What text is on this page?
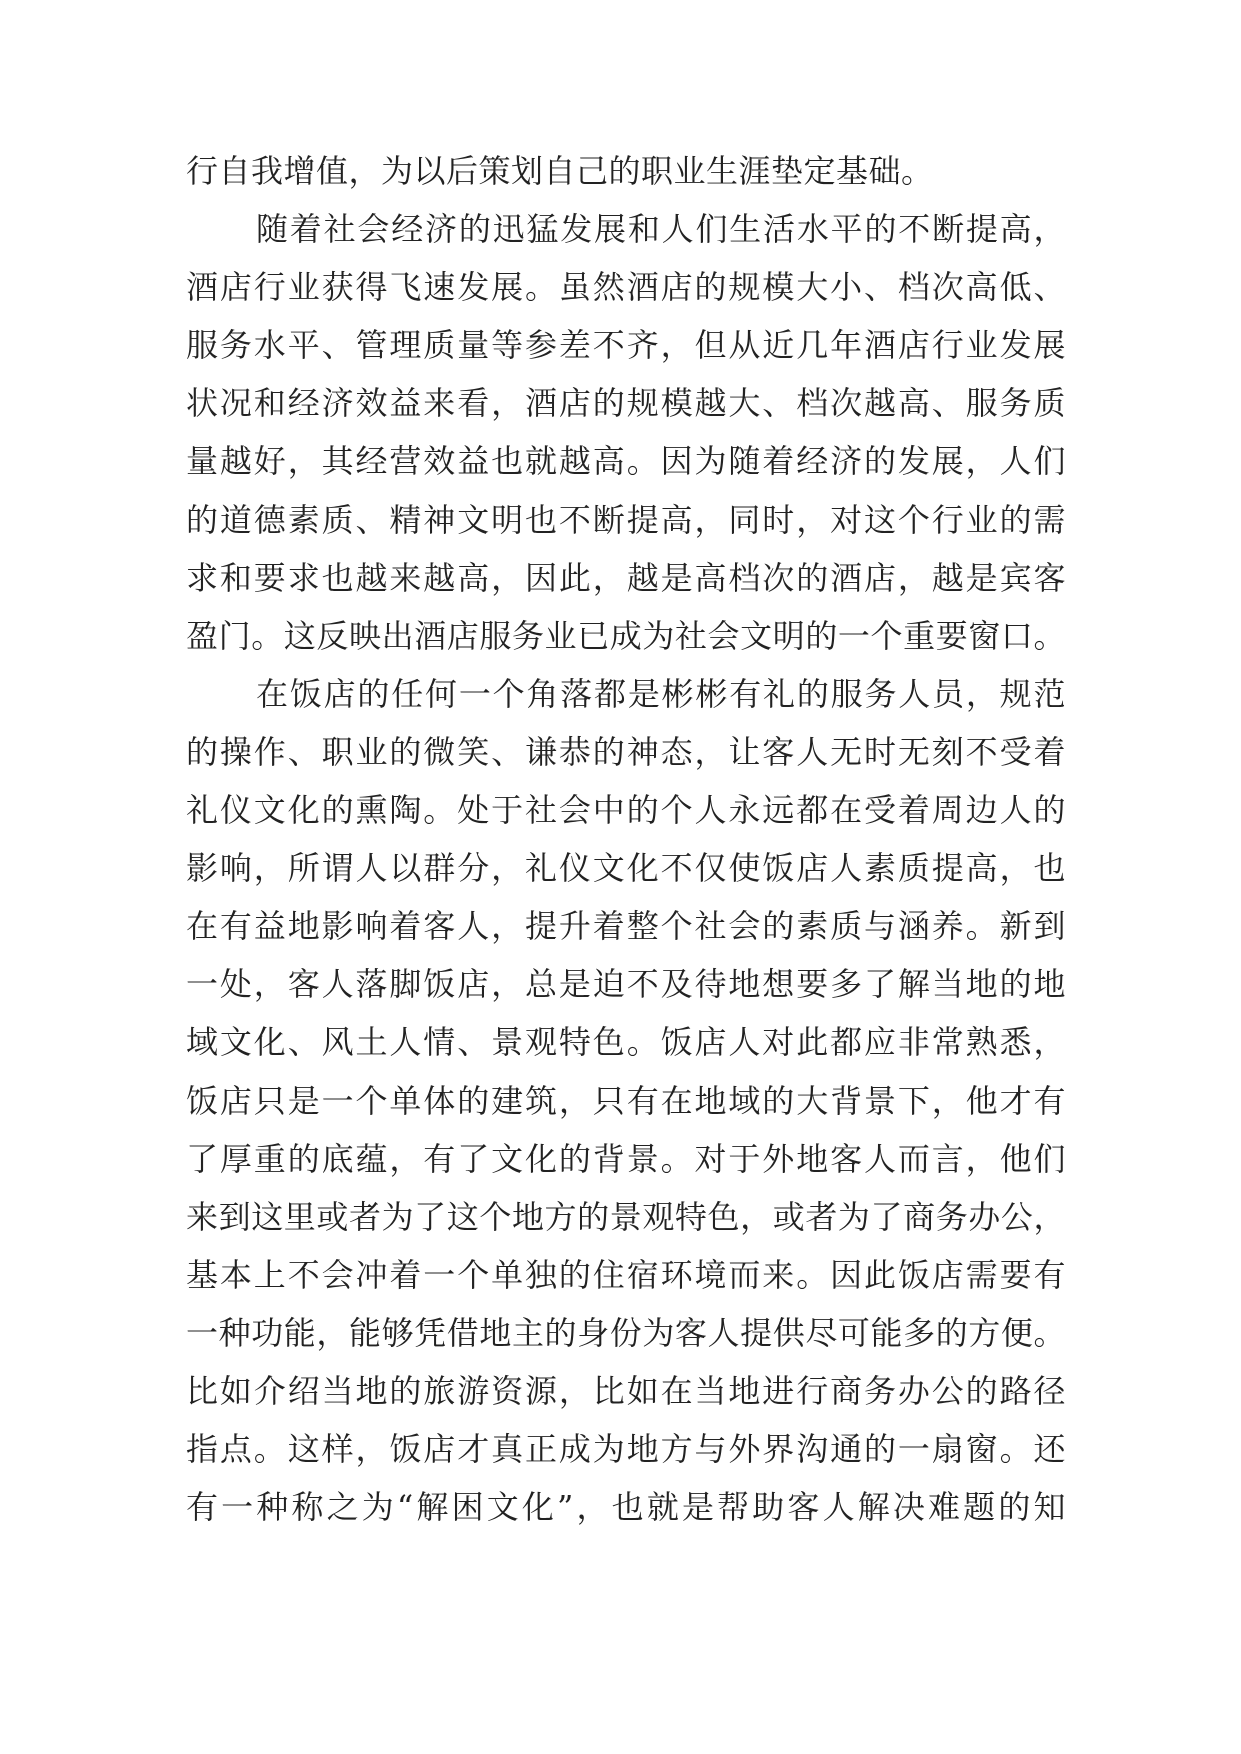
行自我增值，为以后策划自己的职业生涯垫定基础。
随着社会经济的迅猛发展和人们生活水平的不断提高，
酒店行业获得飞速发展。虽然酒店的规模大小、档次高低、
服务水平、管理质量等参差不齐，但从近几年酒店行业发展
状况和经济效益来看，酒店的规模越大、档次越高、服务质
量越好，其经营效益也就越高。因为随着经济的发展，人们
的道德素质、精神文明也不断提高，同时，对这个行业的需
求和要求也越来越高，因此，越是高档次的酒店，越是宾客
盈门。这反映出酒店服务业已成为社会文明的一个重要窗口。
在饭店的任何一个角落都是彬彬有礼的服务人员，规范
的操作、职业的微笑、谦恭的神态，让客人无时无刻不受着
礼仪文化的熏陶。处于社会中的个人永远都在受着周边人的
影响，所谓人以群分，礼仪文化不仅使饭店人素质提高，也
在有益地影响着客人，提升着整个社会的素质与涵养。新到
一处，客人落脚饭店，总是迫不及待地想要多了解当地的地
域文化、风土人情、景观特色。饭店人对此都应非常熟悉，
饭店只是一个单体的建筑，只有在地域的大背景下，他才有
了厚重的底蕴，有了文化的背景。对于外地客人而言，他们
来到这里或者为了这个地方的景观特色，或者为了商务办公，
基本上不会冲着一个单独的住宿环境而来。因此饭店需要有
一种功能，能够凭借地主的身份为客人提供尽可能多的方便。
比如介绍当地的旅游资源，比如在当地进行商务办公的路径
指点。这样，饭店才真正成为地方与外界沟通的一扇窗。还
有一种称之为“解困文化”，也就是帮助客人解决难题的知
